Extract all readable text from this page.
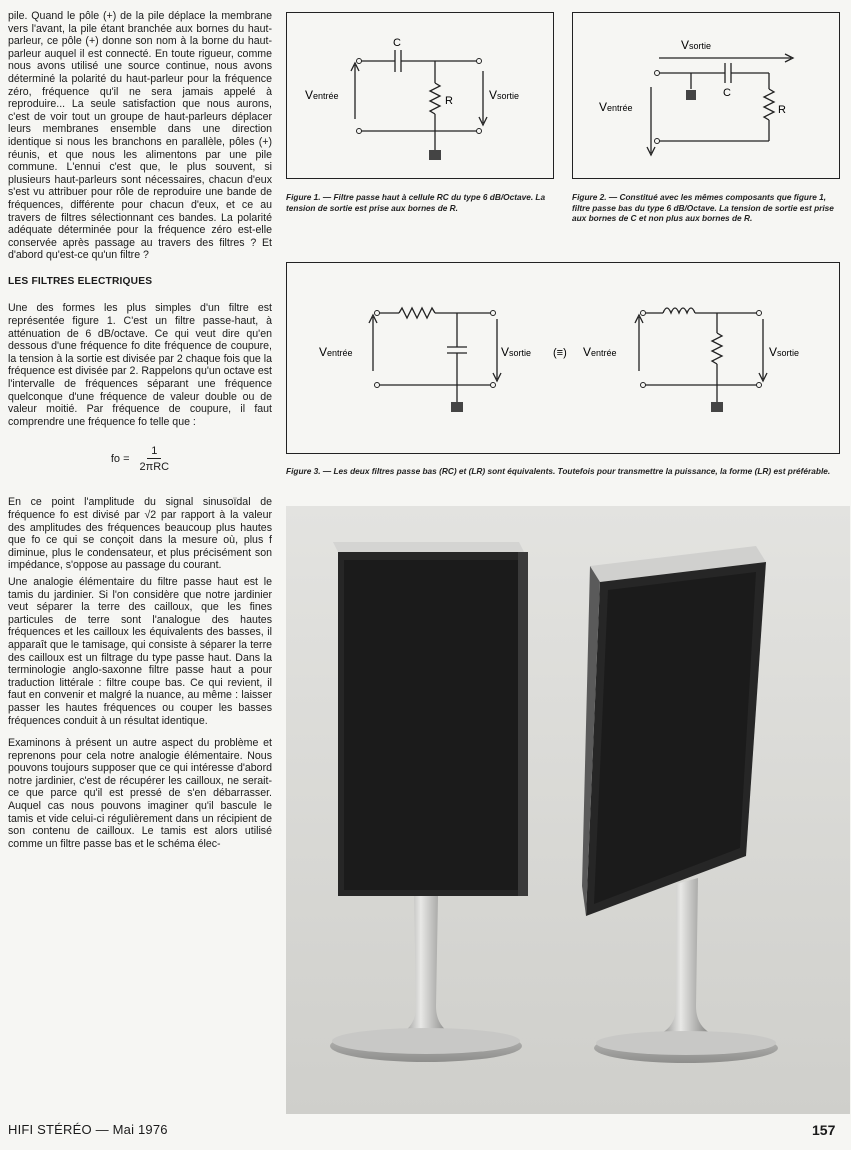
pile. Quand le pôle (+) de la pile déplace la membrane vers l'avant, la pile étant branchée aux bornes du haut-parleur, ce pôle (+) donne son nom à la borne du haut-parleur auquel il est connecté. En toute rigueur, comme nous avons utilisé une source continue, nous avons déterminé la polarité du haut-parleur pour la fréquence zéro, fréquence qu'il ne sera jamais appelé à reproduire... La seule satisfaction que nous aurons, c'est de voir tout un groupe de haut-parleurs déplacer leurs membranes ensemble dans une direction identique si nous les branchons en parallèle, pôles (+) réunis, et que nous les alimentons par une pile commune. L'ennui c'est que, le plus souvent, si plusieurs haut-parleurs sont nécessaires, chacun d'eux s'est vu attribuer pour rôle de reproduire une bande de fréquences, différente pour chacun d'eux, et ce au travers de filtres sélectionnant ces bandes. La polarité adéquate déterminée pour la fréquence zéro est-elle conservée après passage au travers des filtres ? Et d'abord qu'est-ce qu'un filtre ?

LES FILTRES ELECTRIQUES

Une des formes les plus simples d'un filtre est représentée figure 1. C'est un filtre passe-haut, à atténuation de 6 dB/octave. Ce qui veut dire qu'en dessous d'une fréquence fo dite fréquence de coupure, la tension à la sortie est divisée par 2 chaque fois que la fréquence est divisée par 2. Rappelons qu'un octave est l'intervalle de fréquences séparant une fréquence quelconque d'une fréquence de valeur double ou de valeur moitié. Par fréquence de coupure, il faut comprendre une fréquence fo telle que :

fo = $\frac{1}{\text{2πRC}}$

En ce point l'amplitude du signal sinusoïdal de fréquence fo est divisé par √2 par rapport à la valeur des amplitudes des fréquences beaucoup plus hautes que fo ce qui se conçoit dans la mesure où, plus f diminue, plus le condensateur, et plus précisément son impédance, s'oppose au passage du courant.

Une analogie élémentaire du filtre passe haut est le tamis du jardinier. Si l'on considère que notre jardinier veut séparer la terre des cailloux, que les fines particules de terre sont l'analogue des hautes fréquences et les cailloux les équivalents des basses, il apparaît que le tamisage, qui consiste à séparer la terre des cailloux est un filtrage du type passe haut. Dans la terminologie anglo-saxonne filtre passe haut a pour traduction littérale : filtre coupe bas. Ce qui revient, il faut en convenir et malgré la nuance, au même : laisser passer les hautes fréquences ou couper les basses fréquences conduit à un résultat identique.

Examinons à présent un autre aspect du problème et reprenons pour cela notre analogie élémentaire. Nous pouvons toujours supposer que ce qui intéresse d'abord notre jardinier, c'est de récupérer les cailloux, ne serait-ce que parce qu'il est pressé de s'en débarrasser. Auquel cas nous pouvons imaginer qu'il bascule le tamis et vide celui-ci régulièrement dans un récipient de son contenu de cailloux. Le tamis est alors utilisé comme un filtre passe bas et le schéma élec-

C
R
Ventrée	Vsortie
Figure 1. — Filtre passe haut à cellule RC du type 6 dB/Octave. La tension de sortie est prise aux bornes de R.
C
R
Ventrée
Vsortie
Figure 2. — Constitué avec les mêmes composants que figure 1, filtre passe bas du type 6 dB/Octave. La tension de sortie est prise aux bornes de C et non plus aux bornes de R.
Ventrée	Vsortie (≡) Ventrée	Vsortie
Figure 3. — Les deux filtres passe bas (RC) et (LR) sont équivalents. Toutefois pour transmettre la puissance, la forme (LR) est préférable.
HIFI STÉRÉO — Mai 1976	157
